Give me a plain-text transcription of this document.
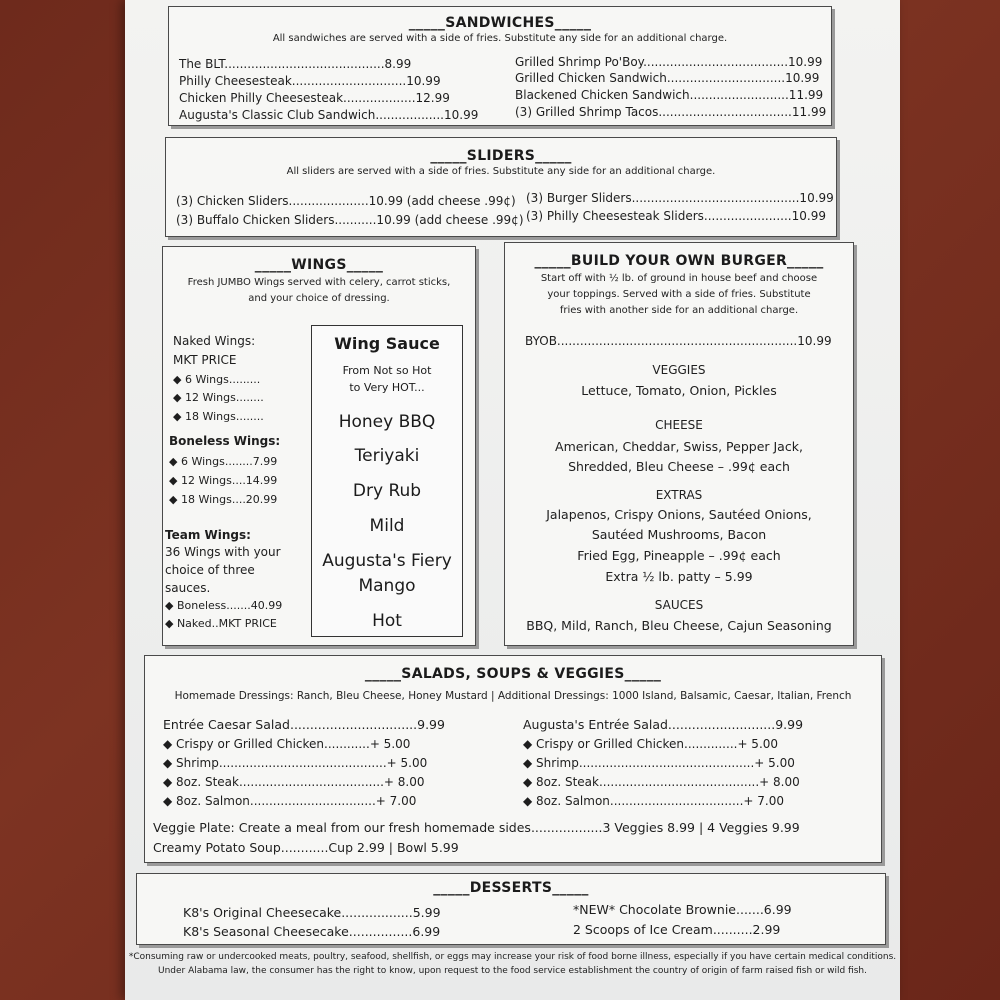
_____SANDWICHES_____
All sandwiches are served with a side of fries. Substitute any side for an additional charge.
The BLT..........................................8.99
Philly Cheesesteak..............................10.99
Chicken Philly Cheesesteak...................12.99
Augusta's Classic Club Sandwich..................10.99
Grilled Shrimp Po'Boy......................................10.99
Grilled Chicken Sandwich...............................10.99
Blackened Chicken Sandwich..........................11.99
(3) Grilled Shrimp Tacos...................................11.99
_____SLIDERS_____
All sliders are served with a side of fries. Substitute any side for an additional charge.
(3) Chicken Sliders.....................10.99 (add cheese .99¢)
(3) Buffalo Chicken Sliders...........10.99 (add cheese .99¢)
(3) Burger Sliders............................................10.99
(3) Philly Cheesesteak Sliders.......................10.99
_____WINGS_____
Fresh JUMBO Wings served with celery, carrot sticks,
and your choice of dressing.
Naked Wings:
MKT PRICE
◆ 6 Wings.........
◆ 12 Wings........
◆ 18 Wings........
Boneless Wings:
◆ 6 Wings........7.99
◆ 12 Wings....14.99
◆ 18 Wings....20.99
Team Wings:
36 Wings with your
choice of three
sauces.
◆ Boneless.......40.99
◆ Naked..MKT PRICE
Wing Sauce
From Not so Hot
to Very HOT...
Honey BBQ
Teriyaki
Dry Rub
Mild
Augusta's Fiery
Mango
Hot
_____BUILD YOUR OWN BURGER_____
Start off with ½ lb. of ground in house beef and choose
your toppings. Served with a side of fries. Substitute
fries with another side for an additional charge.
BYOB...............................................................10.99
VEGGIES
Lettuce, Tomato, Onion, Pickles
CHEESE
American, Cheddar, Swiss, Pepper Jack,
Shredded, Bleu Cheese – .99¢ each
EXTRAS
Jalapenos, Crispy Onions, Sautéed Onions,
Sautéed Mushrooms, Bacon
Fried Egg, Pineapple – .99¢ each
Extra ½ lb. patty – 5.99
SAUCES
BBQ, Mild, Ranch, Bleu Cheese, Cajun Seasoning
_____SALADS, SOUPS & VEGGIES_____
Homemade Dressings: Ranch, Bleu Cheese, Honey Mustard | Additional Dressings: 1000 Island, Balsamic, Caesar, Italian, French
Entrée Caesar Salad................................9.99
◆ Crispy or Grilled Chicken............+ 5.00
◆ Shrimp............................................+ 5.00
◆ 8oz. Steak......................................+ 8.00
◆ 8oz. Salmon.................................+ 7.00
Augusta's Entrée Salad...........................9.99
◆ Crispy or Grilled Chicken..............+ 5.00
◆ Shrimp..............................................+ 5.00
◆ 8oz. Steak..........................................+ 8.00
◆ 8oz. Salmon...................................+ 7.00
Veggie Plate: Create a meal from our fresh homemade sides..................3 Veggies 8.99 | 4 Veggies 9.99
Creamy Potato Soup............Cup 2.99 | Bowl 5.99
_____DESSERTS_____
K8's Original Cheesecake..................5.99
K8's Seasonal Cheesecake................6.99
*NEW* Chocolate Brownie.......6.99
2 Scoops of Ice Cream..........2.99
*Consuming raw or undercooked meats, poultry, seafood, shellfish, or eggs may increase your risk of food borne illness, especially if you have certain medical conditions.
Under Alabama law, the consumer has the right to know, upon request to the food service establishment the country of origin of farm raised fish or wild fish.
